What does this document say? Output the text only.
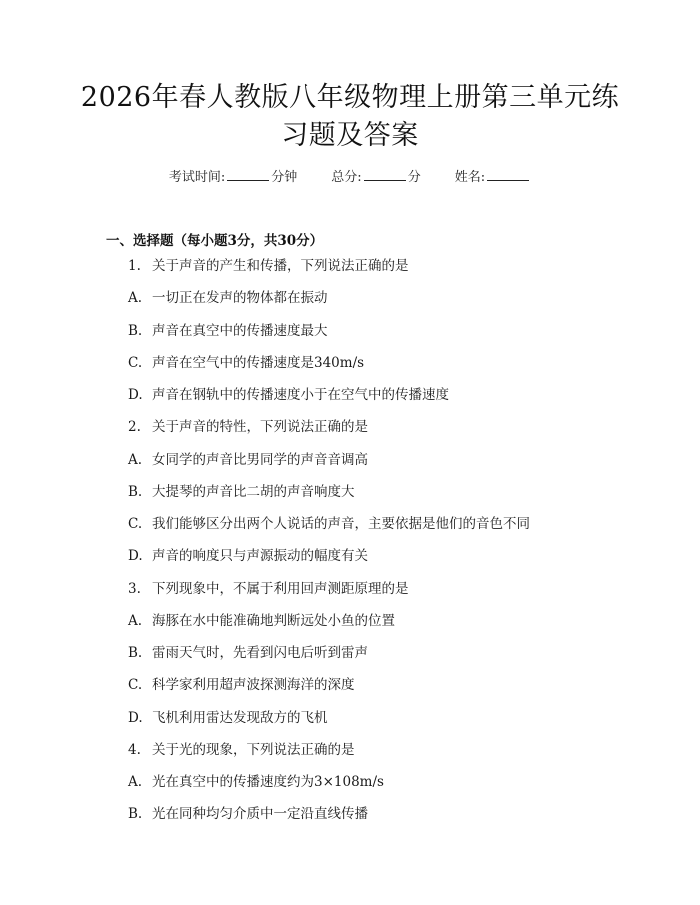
2026年春人教版八年级物理上册第三单元练
习题及答案
考试时间:	分钟	总分:	分	姓名:
一、选择题（每小题3分，共30分）
1. 关于声音的产生和传播，下列说法正确的是
A. 一切正在发声的物体都在振动
B. 声音在真空中的传播速度最大
C. 声音在空气中的传播速度是340m/s
D. 声音在钢轨中的传播速度小于在空气中的传播速度
2. 关于声音的特性，下列说法正确的是
A. 女同学的声音比男同学的声音音调高
B. 大提琴的声音比二胡的声音响度大
C. 我们能够区分出两个人说话的声音，主要依据是他们的音色不同
D. 声音的响度只与声源振动的幅度有关
3. 下列现象中，不属于利用回声测距原理的是
A. 海豚在水中能准确地判断远处小鱼的位置
B. 雷雨天气时，先看到闪电后听到雷声
C. 科学家利用超声波探测海洋的深度
D. 飞机利用雷达发现敌方的飞机
4. 关于光的现象，下列说法正确的是
A. 光在真空中的传播速度约为3×108m/s
B. 光在同种均匀介质中一定沿直线传播
